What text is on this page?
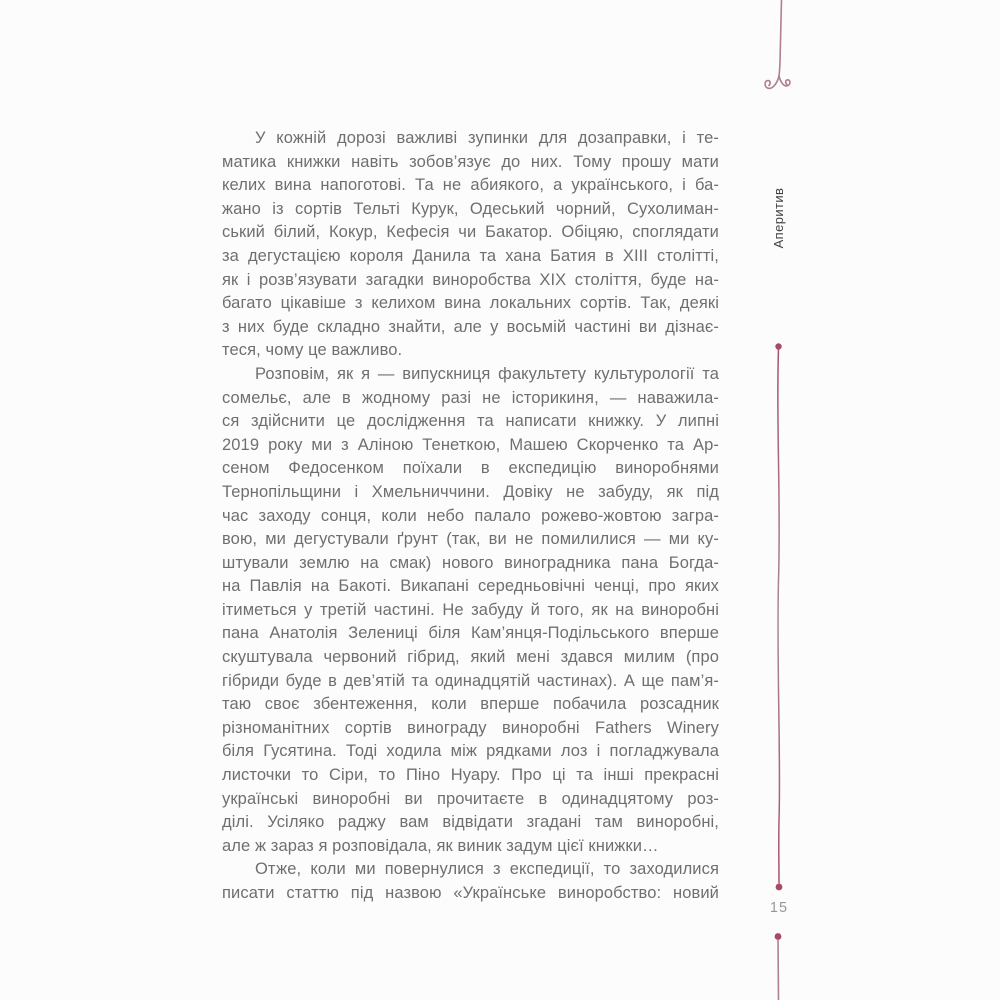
У кожній дорозі важливі зупинки для дозаправки, і те-
матика книжки навіть зобов’язує до них. Тому прошу мати
келих вина напоготові. Та не абиякого, а українського, і ба-
жано із сортів Тельті Курук, Одеський чорний, Сухолиман-
ський білий, Кокур, Кефесія чи Бакатор. Обіцяю, споглядати
за дегустацією короля Данила та хана Батия в XIII столітті,
як і розв’язувати загадки виноробства XIX століття, буде на-
багато цікавіше з келихом вина локальних сортів. Так, деякі
з них буде складно знайти, але у восьмій частині ви дізнає-
теся, чому це важливо.
Розповім, як я — випускниця факультету культурології та
сомельє, але в жодному разі не історикиня, — наважила-
ся здійснити це дослідження та написати книжку. У липні
2019 року ми з Аліною Тенеткою, Машею Скорченко та Ар-
сеном Федосенком поїхали в експедицію виноробнями
Тернопільщини і Хмельниччини. Довіку не забуду, як під
час заходу сонця, коли небо палало рожево-жовтою загра-
вою, ми дегустували ґрунт (так, ви не помилилися — ми ку-
штували землю на смак) нового виноградника пана Богда-
на Павлія на Бакоті. Викапані середньовічні ченці, про яких
ітиметься у третій частині. Не забуду й того, як на виноробні
пана Анатолія Зелениці біля Кам’янця-Подільського вперше
скуштувала червоний гібрид, який мені здався милим (про
гібриди буде в дев’ятій та одинадцятій частинах). А ще пам’я-
таю своє збентеження, коли вперше побачила розсадник
різноманітних сортів винограду виноробні Fathers Winery
біля Гусятина. Тоді ходила між рядками лоз і погладжувала
листочки то Сіри, то Піно Нуару. Про ці та інші прекрасні
українські виноробні ви прочитаєте в одинадцятому роз-
ділі. Усіляко раджу вам відвідати згадані там виноробні,
але ж зараз я розповідала, як виник задум цієї книжки…
Отже, коли ми повернулися з експедиції, то заходилися
писати статтю під назвою «Українське виноробство: новий
Аперитив
15
